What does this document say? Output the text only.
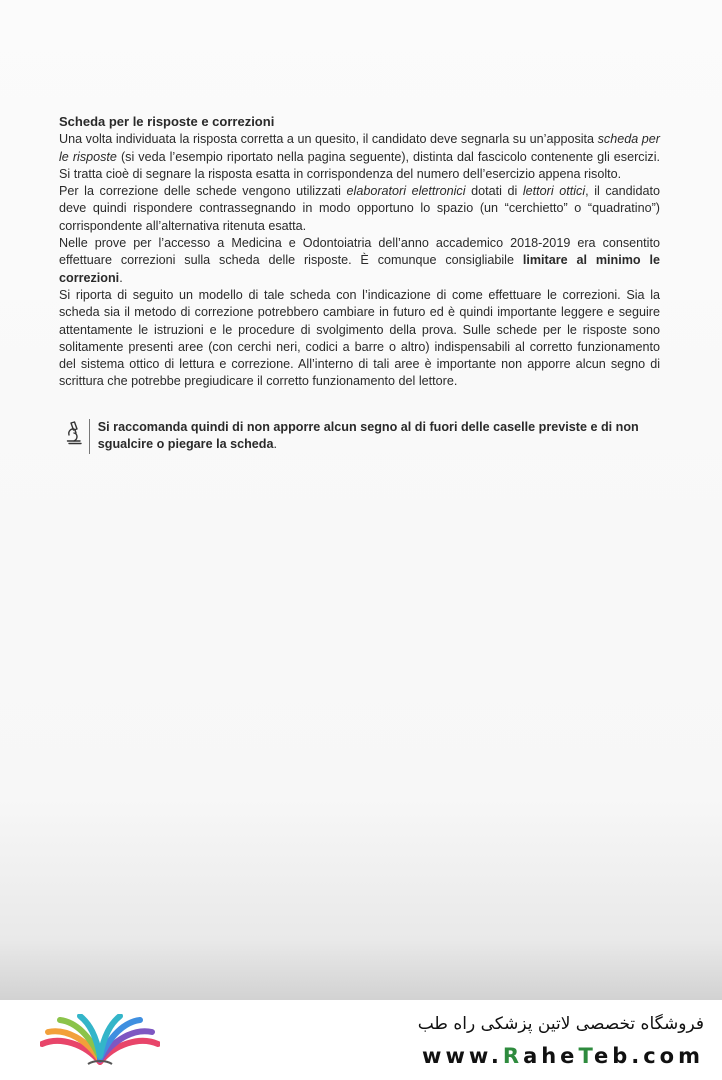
Scheda per le risposte e correzioni

Una volta individuata la risposta corretta a un quesito, il candidato deve segnarla su un’apposita scheda per le risposte (si veda l’esempio riportato nella pagina seguente), distinta dal fascicolo contenente gli esercizi. Si tratta cioè di segnare la risposta esatta in corrispondenza del numero dell’esercizio appena risolto.

Per la correzione delle schede vengono utilizzati elaboratori elettronici dotati di lettori ottici, il candidato deve quindi rispondere contrassegnando in modo opportuno lo spazio (un “cerchietto” o “quadratino”) corrispondente all’alternativa ritenuta esatta.

Nelle prove per l’accesso a Medicina e Odontoiatria dell’anno accademico 2018-2019 era consentito effettuare correzioni sulla scheda delle risposte. È comunque consigliabile limitare al minimo le correzioni.

Si riporta di seguito un modello di tale scheda con l’indicazione di come effettuare le correzioni. Sia la scheda sia il metodo di correzione potrebbero cambiare in futuro ed è quindi importante leggere e seguire attentamente le istruzioni e le procedure di svolgimento della prova. Sulle schede per le risposte sono solitamente presenti aree (con cerchi neri, codici a barre o altro) indispensabili al corretto funzionamento del sistema ottico di lettura e correzione. All’interno di tali aree è importante non apporre alcun segno di scrittura che potrebbe pregiudicare il corretto funzionamento del lettore.

Si raccomanda quindi di non apporre alcun segno al di fuori delle caselle previste e di non sgualcire o piegare la scheda.

فروشگاه تخصصی لاتین پزشکی راه طب
www.RaheTeb.com
